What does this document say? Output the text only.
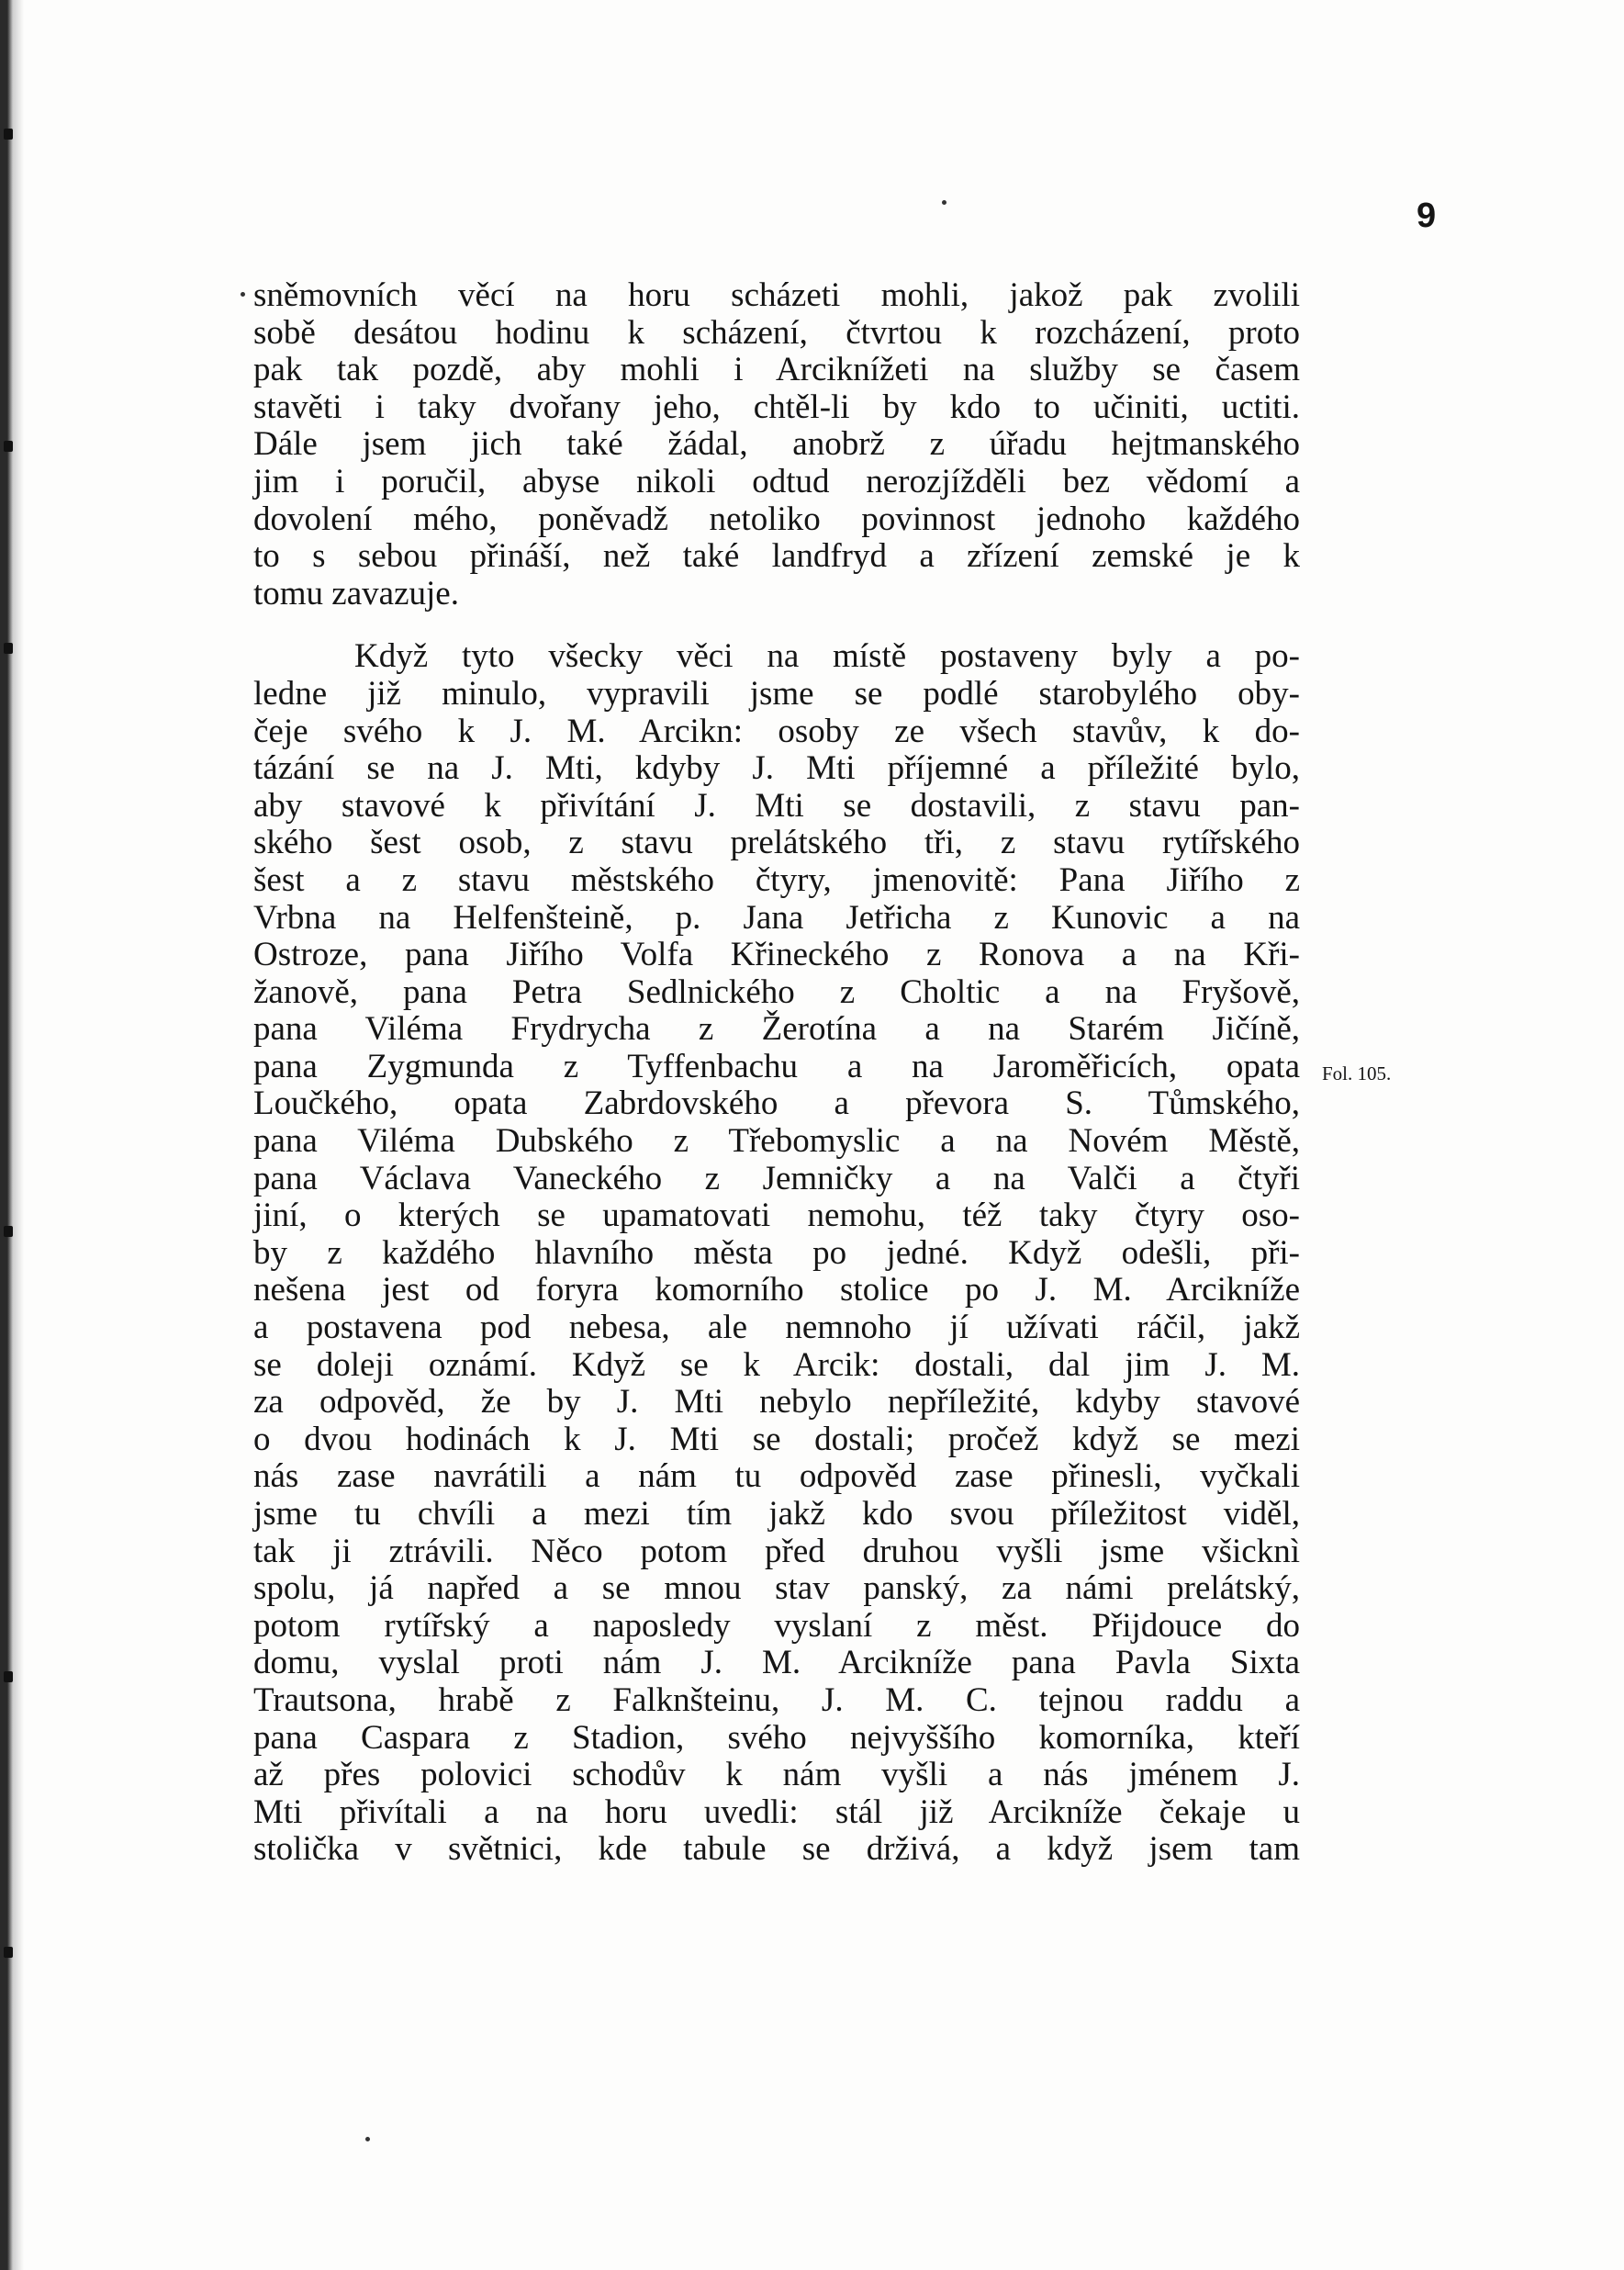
9
sněmovních věcí na horu scházeti mohli, jakož pak zvolili
sobě desátou hodinu k scházení, čtvrtou k rozcházení, proto
pak tak pozdě, aby mohli i Arciknížeti na služby se časem
stavěti i taky dvořany jeho, chtěl-li by kdo to učiniti, uctiti.
Dále jsem jich také žádal, anobrž z úřadu hejtmanského
jim i poručil, abyse nikoli odtud nerozjížděli bez vědomí a
dovolení mého, poněvadž netoliko povinnost jednoho každého
to s sebou přináší, než také landfryd a zřízení zemské je k
tomu zavazuje.
Když tyto všecky věci na místě postaveny byly a po-
ledne již minulo, vypravili jsme se podlé starobylého oby-
čeje svého k J. M. Arcikn: osoby ze všech stavův, k do-
tázání se na J. Mti, kdyby J. Mti příjemné a příležité bylo,
aby stavové k přivítání J. Mti se dostavili, z stavu pan-
ského šest osob, z stavu prelátského tři, z stavu rytířského
šest a z stavu městského čtyry, jmenovitě: Pana Jiřího z
Vrbna na Helfenšteině, p. Jana Jetřicha z Kunovic a na
Ostroze, pana Jiřího Volfa Křineckého z Ronova a na Kři-
žanově, pana Petra Sedlnického z Choltic a na Fryšově,
pana Viléma Frydrycha z Žerotína a na Starém Jičíně,
pana Zygmunda z Tyffenbachu a na Jaroměřicích, opata
Loučkého, opata Zabrdovského a převora S. Tůmského,
pana Viléma Dubského z Třebomyslic a na Novém Městě,
pana Václava Vaneckého z Jemničky a na Valči a čtyři
jiní, o kterých se upamatovati nemohu, též taky čtyry oso-
by z každého hlavního města po jedné. Když odešli, při-
nešena jest od foryra komorního stolice po J. M. Arcikníže
a postavena pod nebesa, ale nemnoho jí užívati ráčil, jakž
se doleji oznámí. Když se k Arcik: dostali, dal jim J. M.
za odpověd, že by J. Mti nebylo nepříležité, kdyby stavové
o dvou hodinách k J. Mti se dostali; pročež když se mezi
nás zase navrátili a nám tu odpověd zase přinesli, vyčkali
jsme tu chvíli a mezi tím jakž kdo svou příležitost viděl,
tak ji ztrávili. Něco potom před druhou vyšli jsme všicknì
spolu, já napřed a se mnou stav panský, za námi prelátský,
potom rytířský a naposledy vyslaní z měst. Přijdouce do
domu, vyslal proti nám J. M. Arcikníže pana Pavla Sixta
Trautsona, hrabě z Falknšteinu, J. M. C. tejnou raddu a
pana Caspara z Stadion, svého nejvyššího komorníka, kteří
až přes polovici schodův k nám vyšli a nás jménem J.
Mti přivítali a na horu uvedli: stál již Arcikníže čekaje u
stolička v světnici, kde tabule se drživá, a když jsem tam
Fol. 105.
